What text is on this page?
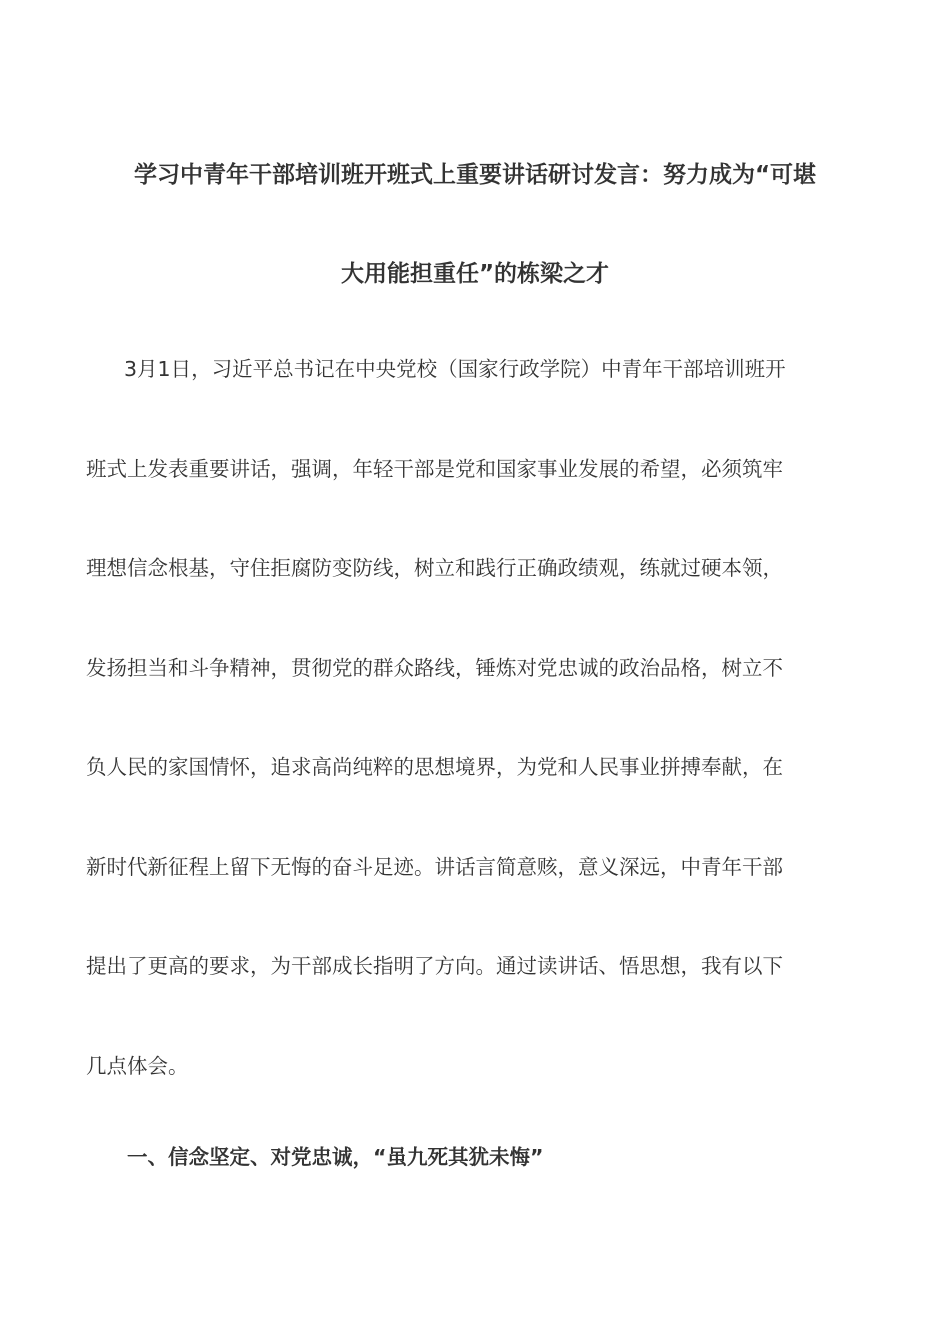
学习中青年干部培训班开班式上重要讲话研讨发言：努力成为“可堪
大用能担重任”的栋梁之才
3月1日，习近平总书记在中央党校（国家行政学院）中青年干部培训班开
班式上发表重要讲话，强调，年轻干部是党和国家事业发展的希望，必须筑牢
理想信念根基，守住拒腐防变防线，树立和践行正确政绩观，练就过硬本领，
发扬担当和斗争精神，贯彻党的群众路线，锤炼对党忠诚的政治品格，树立不
负人民的家国情怀，追求高尚纯粹的思想境界，为党和人民事业拼搏奉献，在
新时代新征程上留下无悔的奋斗足迹。讲话言简意赅，意义深远，中青年干部
提出了更高的要求，为干部成长指明了方向。通过读讲话、悟思想，我有以下
几点体会。
一、信念坚定、对党忠诚，“虽九死其犹未悔”
